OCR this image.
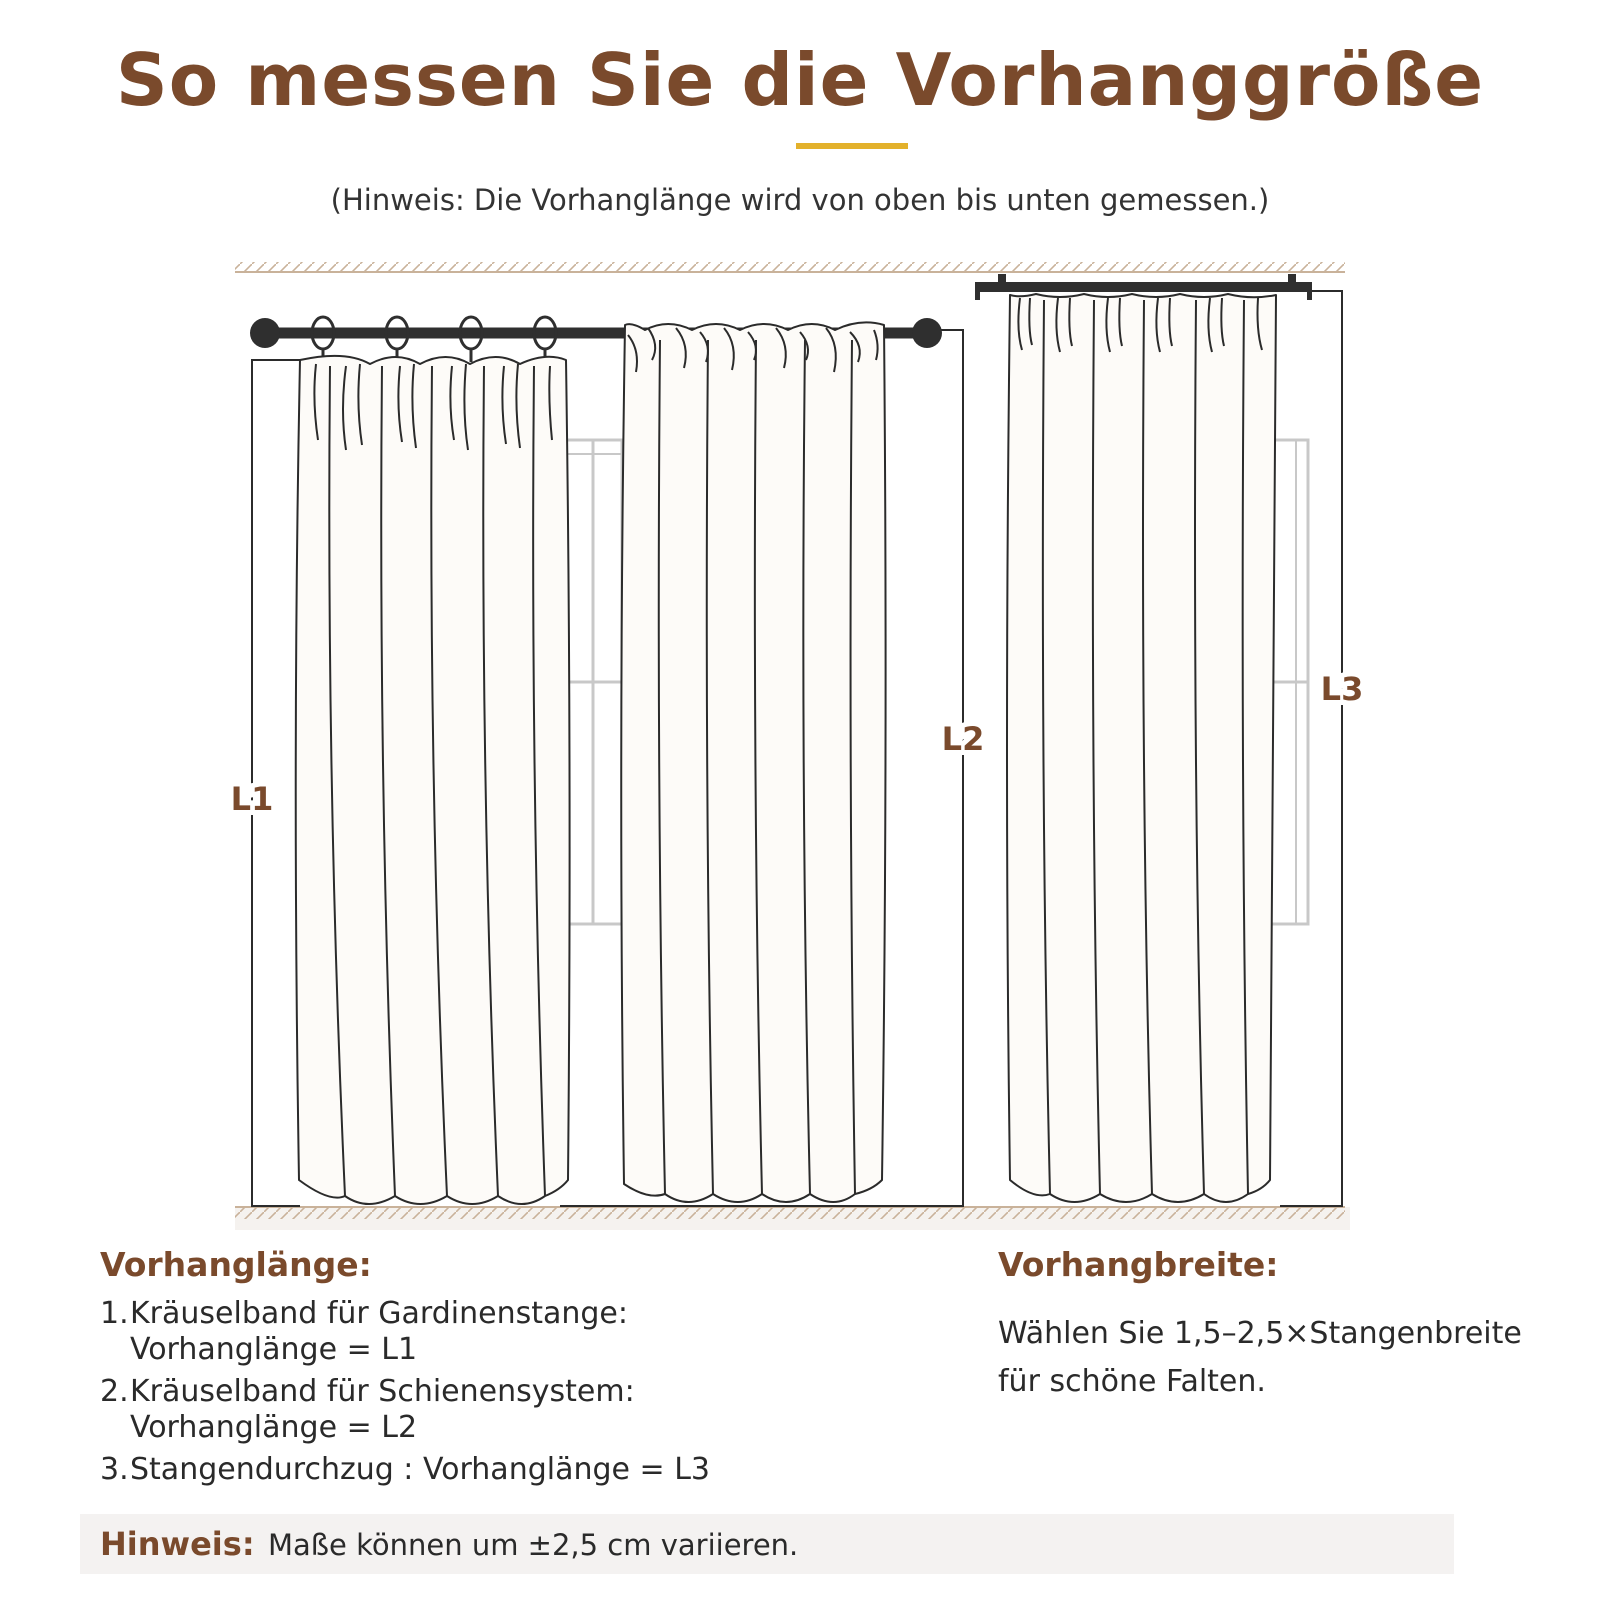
So messen Sie die Vorhanggröße
(Hinweis: Die Vorhanglänge wird von oben bis unten gemessen.)
L1
L2
L3
Vorhanglänge:
1. Kräuselband für Gardinenstange:
Vorhanglänge = L1
2. Kräuselband für Schienensystem:
Vorhanglänge = L2
3. Stangendurchzug : Vorhanglänge = L3
Vorhangbreite:
Wählen Sie 1,5–2,5×Stangenbreite für schöne Falten.
Hinweis: Maße können um ±2,5 cm variieren.
